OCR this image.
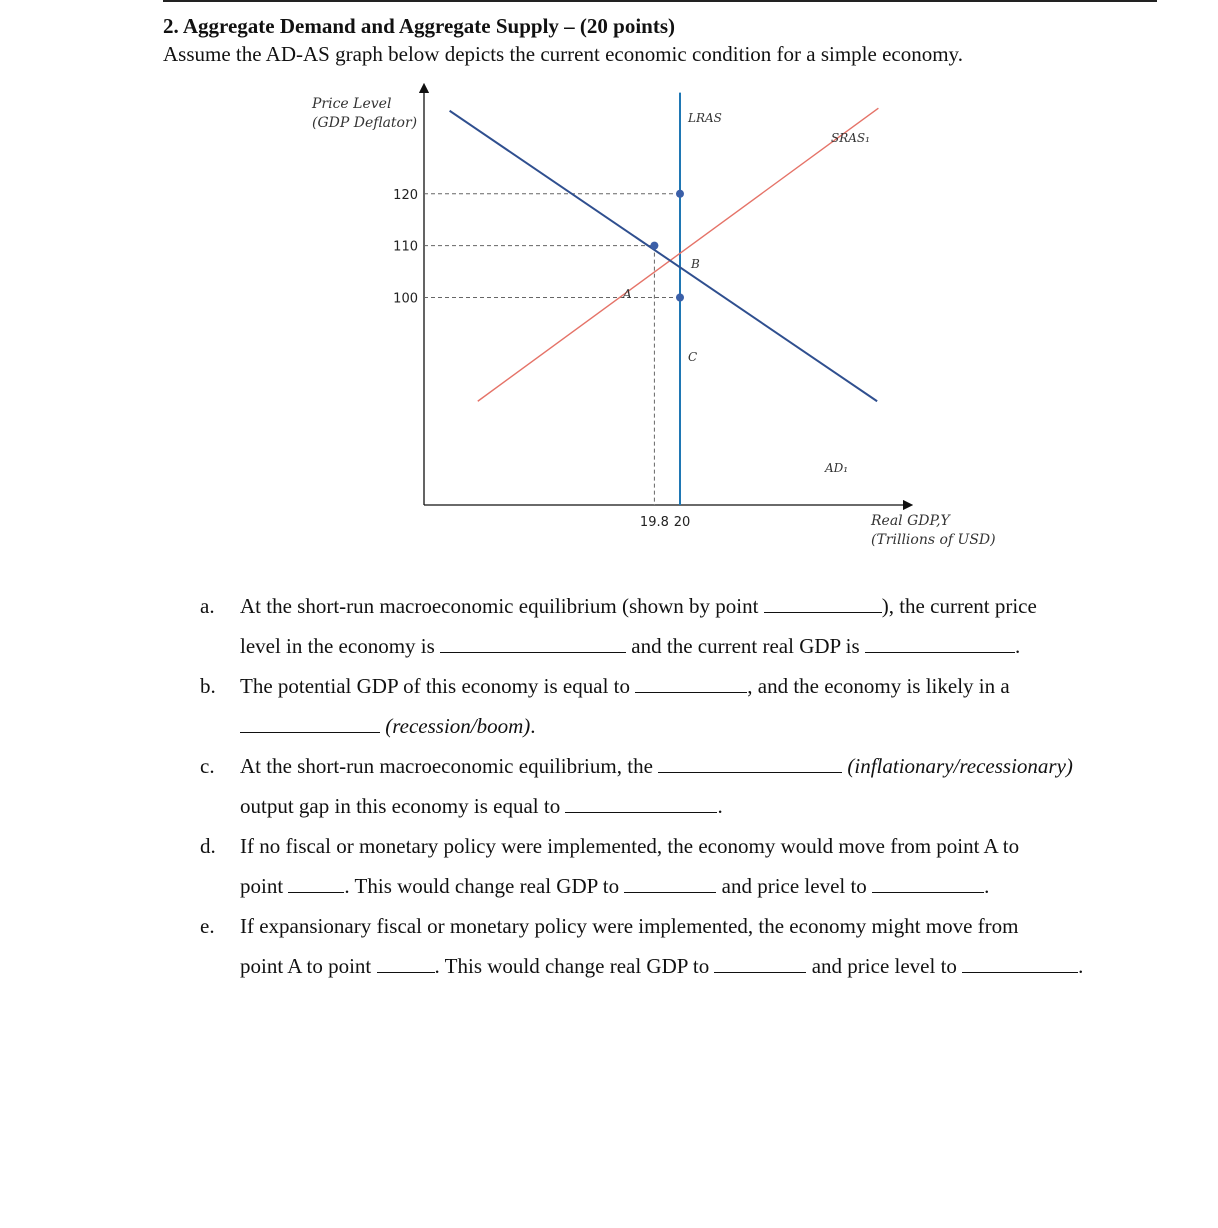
2. Aggregate Demand and Aggregate Supply – (20 points)
Assume the AD-AS graph below depicts the current economic condition for a simple economy.
Price Level
(GDP Deflator)
Real GDP,Y
(Trillions of USD)
120
110
100
19.8 20
LRAS
SRAS₁
AD₁
A
B
C
a. At the short-run macroeconomic equilibrium (shown by point	), the current price
level in the economy is	and the current real GDP is	.
b. The potential GDP of this economy is equal to	, and the economy is likely in a
(recession/boom).
c. At the short-run macroeconomic equilibrium, the	(inflationary/recessionary)
output gap in this economy is equal to	.
d. If no fiscal or monetary policy were implemented, the economy would move from point A to
point	. This would change real GDP to	and price level to	.
e. If expansionary fiscal or monetary policy were implemented, the economy might move from
point A to point	. This would change real GDP to	and price level to	.
